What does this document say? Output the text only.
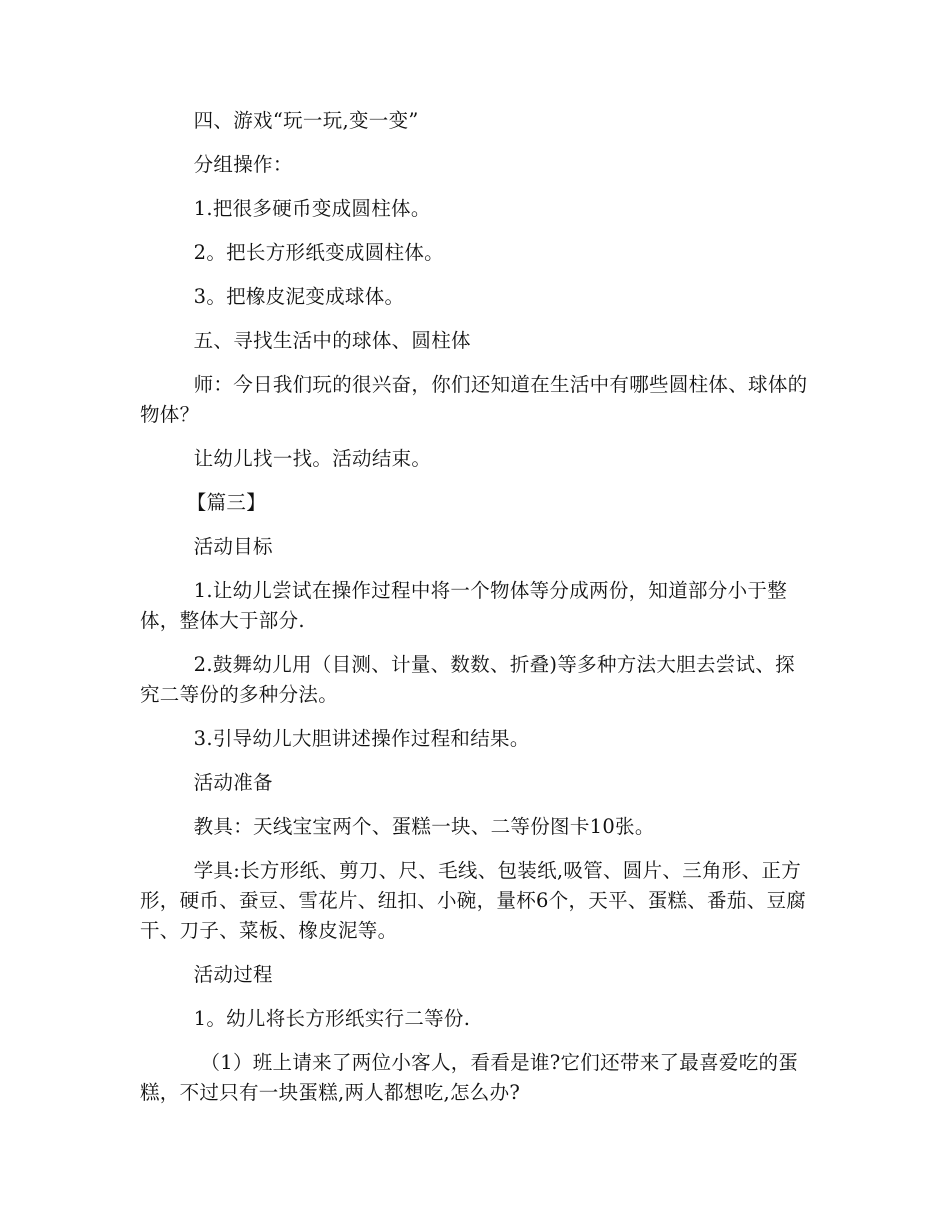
四、游戏“玩一玩,变一变”

分组操作：

1.把很多硬币变成圆柱体。

2。把长方形纸变成圆柱体。

3。把橡皮泥变成球体。

五、寻找生活中的球体、圆柱体

师：今日我们玩的很兴奋，你们还知道在生活中有哪些圆柱体、球体的物体？

让幼儿找一找。活动结束。

【篇三】

活动目标

1.让幼儿尝试在操作过程中将一个物体等分成两份，知道部分小于整体，整体大于部分.

2.鼓舞幼儿用（目测、计量、数数、折叠)等多种方法大胆去尝试、探究二等份的多种分法。

3.引导幼儿大胆讲述操作过程和结果。

活动准备

教具：天线宝宝两个、蛋糕一块、二等份图卡10张。

学具:长方形纸、剪刀、尺、毛线、包装纸,吸管、圆片、三角形、正方形，硬币、蚕豆、雪花片、纽扣、小碗，量杯6个，天平、蛋糕、番茄、豆腐干、刀子、菜板、橡皮泥等。

活动过程

1。幼儿将长方形纸实行二等份.

（1）班上请来了两位小客人，看看是谁?它们还带来了最喜爱吃的蛋糕，不过只有一块蛋糕,两人都想吃,怎么办?
